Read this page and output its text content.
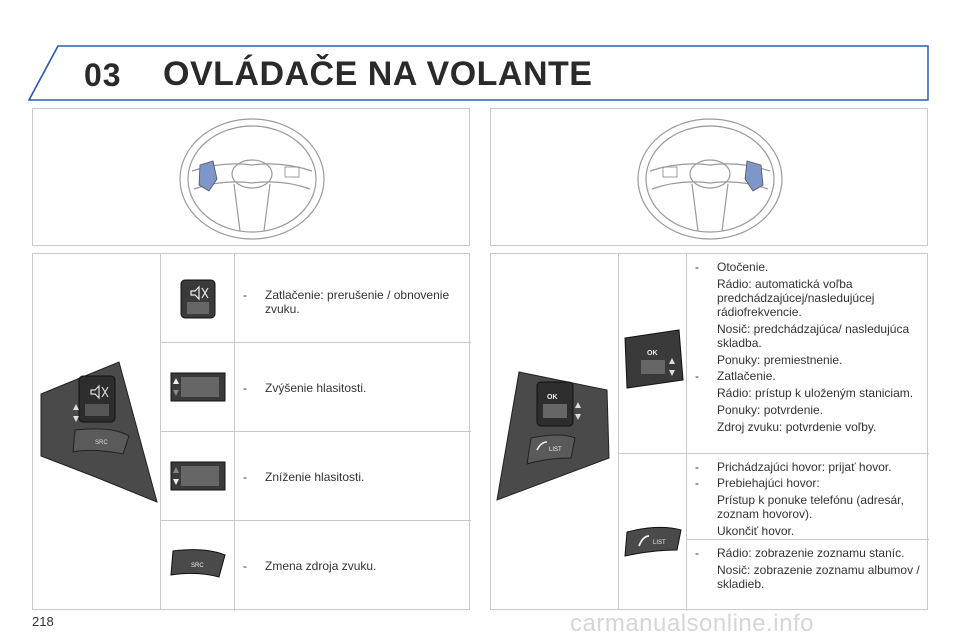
03 OVLÁDAČE NA VOLANTE
SRC
-	Zatlačenie: prerušenie / obnovenie zvuku.
-	Zvýšenie hlasitosti.
-	Zníženie hlasitosti.
SRC	-	Zmena zdroja zvuku.
OK
LIST
OK
-	Otočenie.
Rádio: automatická voľba predchádzajúcej/nasledujúcej rádiofrekvencie.
Nosič: predchádzajúca/ nasledujúca skladba.
Ponuky: premiestnenie.
-	Zatlačenie.
Rádio: prístup k uloženým staniciam.
Ponuky: potvrdenie.
Zdroj zvuku: potvrdenie voľby.
LIST
-	Prichádzajúci hovor: prijať hovor.
-	Prebiehajúci hovor:
Prístup k ponuke telefónu (adresár, zoznam hovorov).
Ukončiť hovor.
-	Rádio: zobrazenie zoznamu staníc.
Nosič: zobrazenie zoznamu albumov / skladieb.
218	carmanualsonline.info
